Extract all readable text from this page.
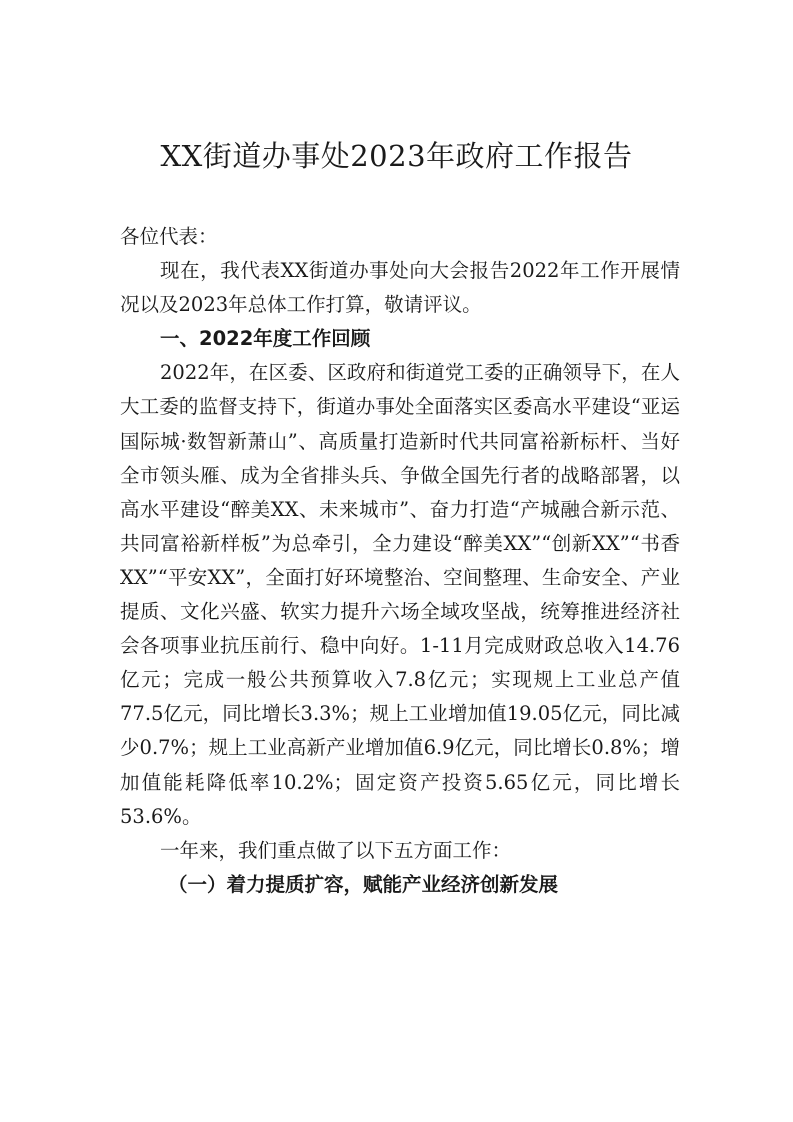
XX街道办事处2023年政府工作报告

各位代表：

现在，我代表XX街道办事处向大会报告2022年工作开展情况以及2023年总体工作打算，敬请评议。

一、2022年度工作回顾

2022年，在区委、区政府和街道党工委的正确领导下，在人大工委的监督支持下，街道办事处全面落实区委高水平建设“亚运国际城·数智新萧山”、高质量打造新时代共同富裕新标杆、当好全市领头雁、成为全省排头兵、争做全国先行者的战略部署，以高水平建设“醉美XX、未来城市”、奋力打造“产城融合新示范、共同富裕新样板”为总牵引，全力建设“醉美XX”“创新XX”“书香XX”“平安XX”，全面打好环境整治、空间整理、生命安全、产业提质、文化兴盛、软实力提升六场全域攻坚战，统筹推进经济社会各项事业抗压前行、稳中向好。1-11月完成财政总收入14.76亿元；完成一般公共预算收入7.8亿元；实现规上工业总产值77.5亿元，同比增长3.3%；规上工业增加值19.05亿元，同比减少0.7%；规上工业高新产业增加值6.9亿元，同比增长0.8%；增加值能耗降低率10.2%；固定资产投资5.65亿元，同比增长53.6%。

一年来，我们重点做了以下五方面工作：

（一）着力提质扩容，赋能产业经济创新发展
